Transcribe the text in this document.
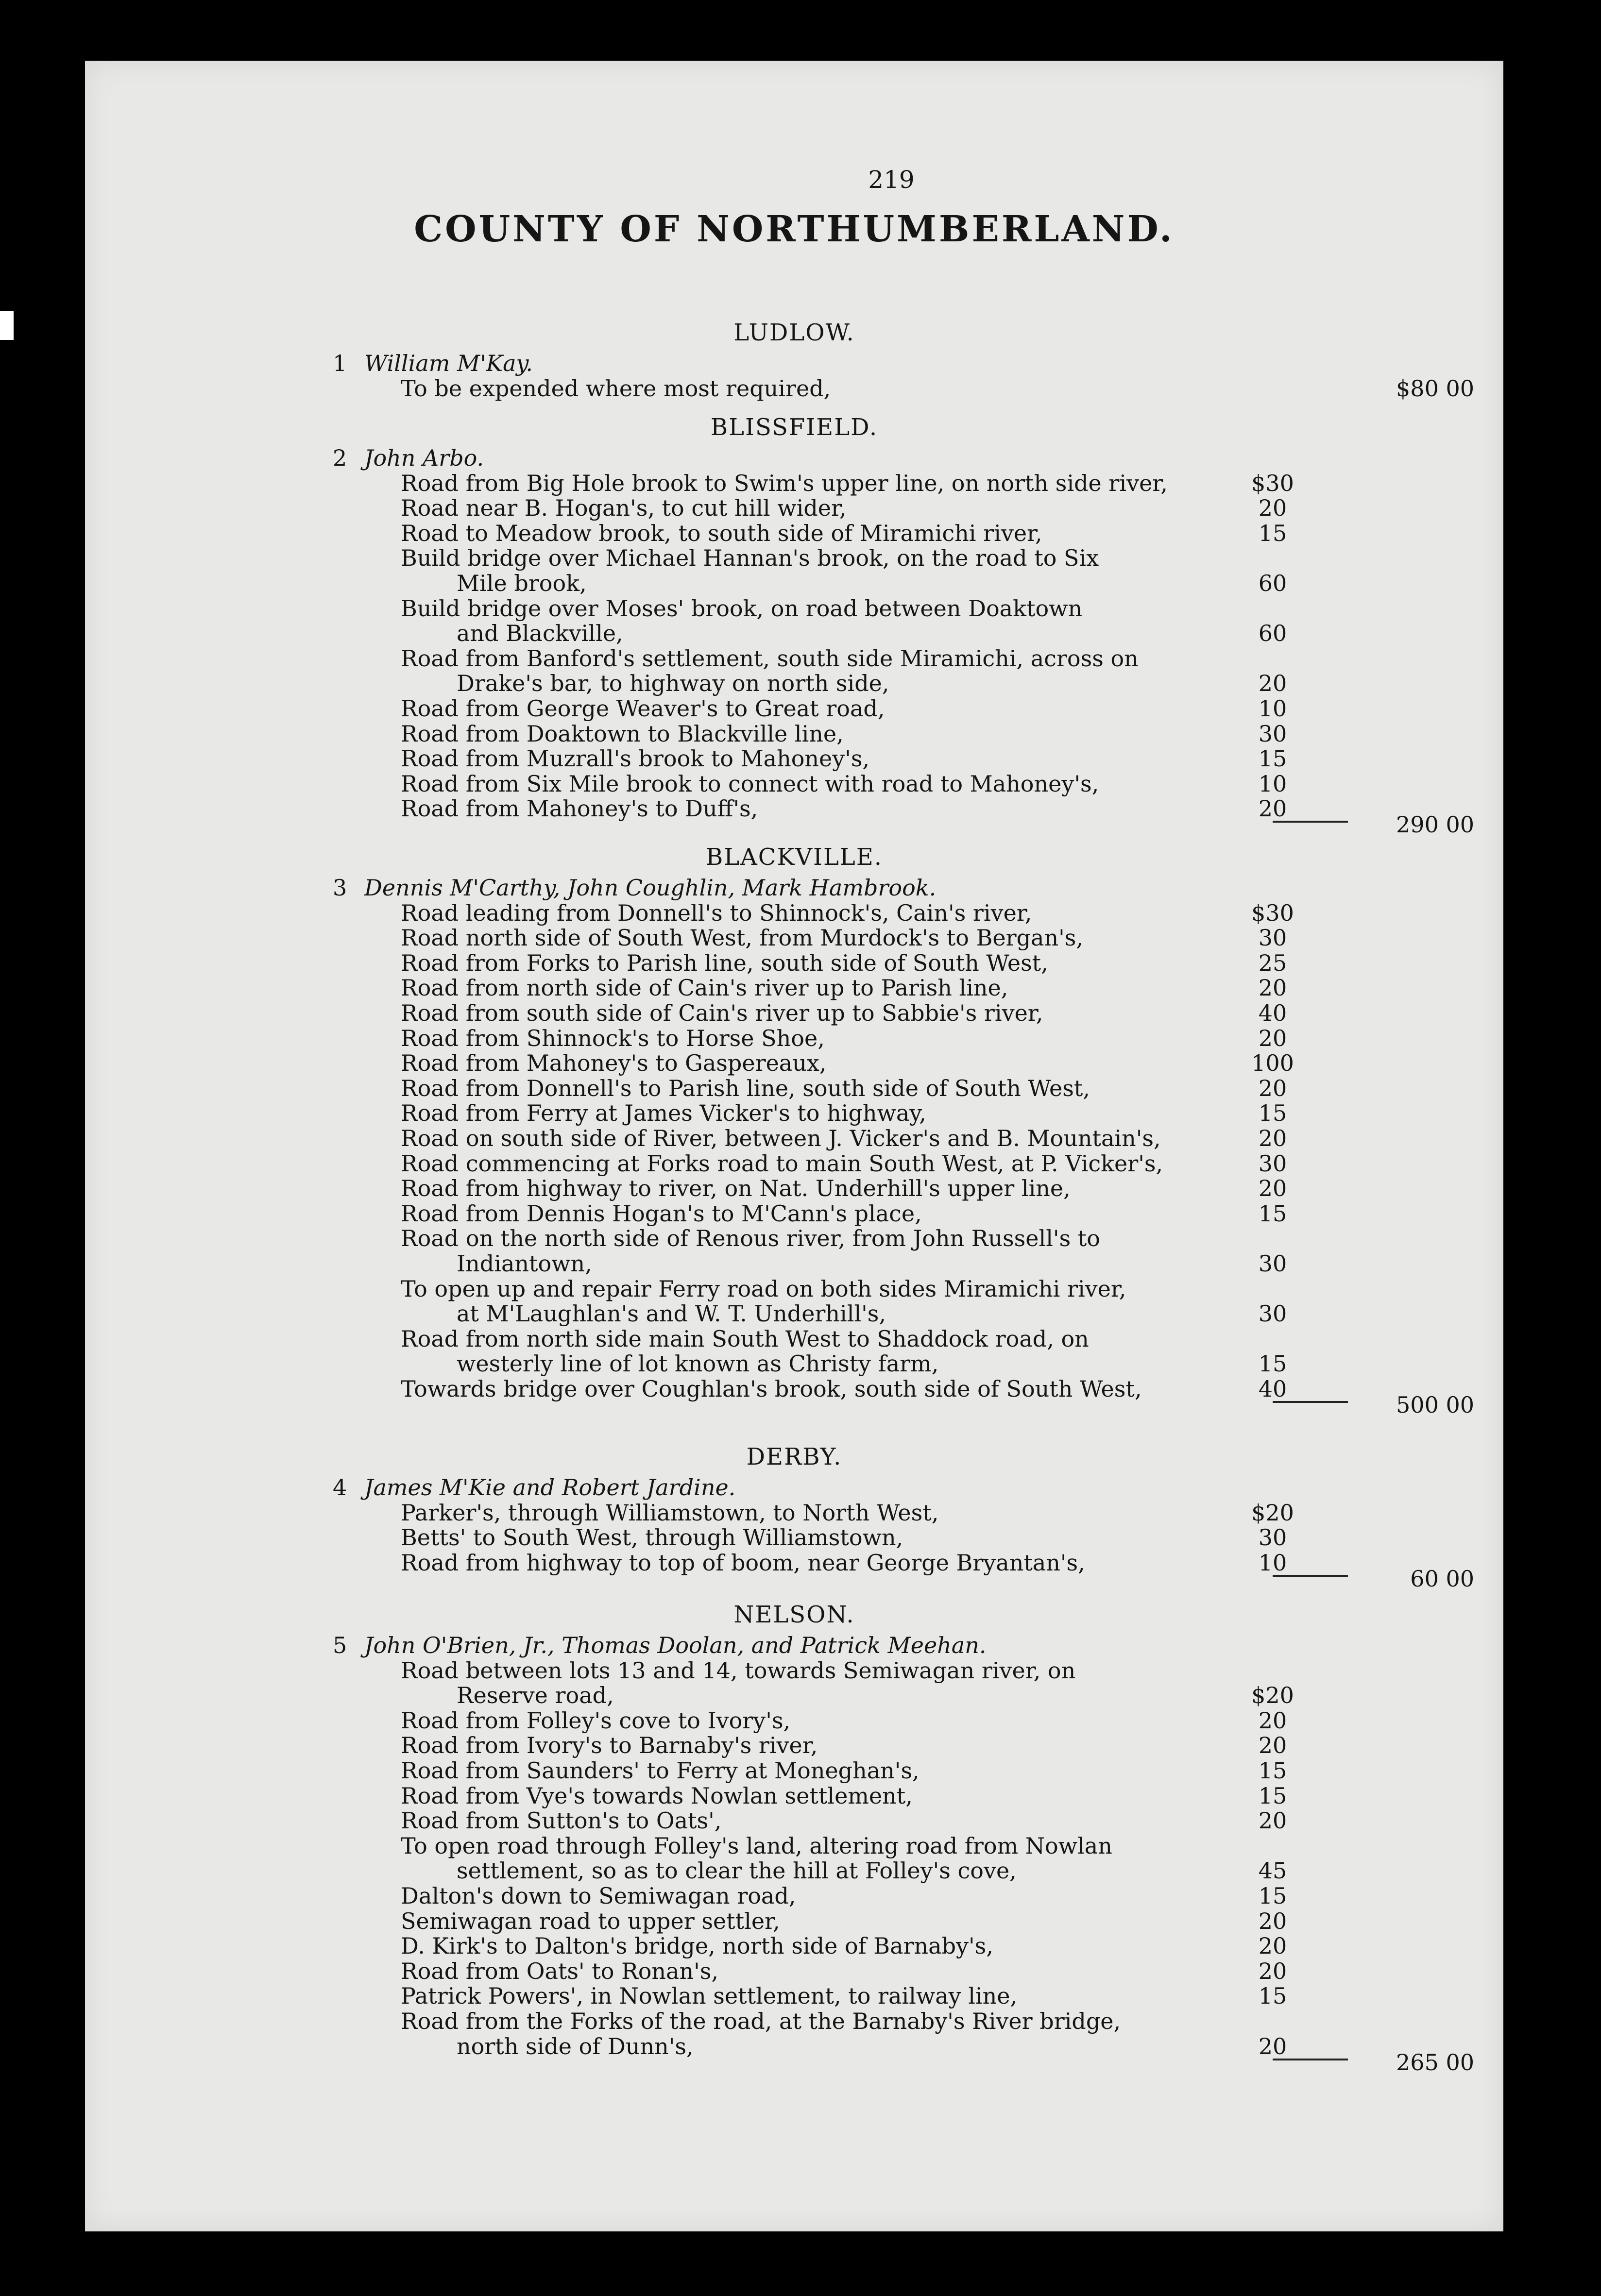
219
COUNTY OF NORTHUMBERLAND.
LUDLOW.
1 William M'Kay.
To be expended where most required,	$80 00
BLISSFIELD.
2 John Arbo.
Road from Big Hole brook to Swim's upper line, on north side river,	$30
Road near B. Hogan's, to cut hill wider,	20
Road to Meadow brook, to south side of Miramichi river,	15
Build bridge over Michael Hannan's brook, on the road to Six
Mile brook,	60
Build bridge over Moses' brook, on road between Doaktown
and Blackville,	60
Road from Banford's settlement, south side Miramichi, across on
Drake's bar, to highway on north side,	20
Road from George Weaver's to Great road,	10
Road from Doaktown to Blackville line,	30
Road from Muzrall's brook to Mahoney's,	15
Road from Six Mile brook to connect with road to Mahoney's,	10
Road from Mahoney's to Duff's,	20
290 00
BLACKVILLE.
3 Dennis M'Carthy, John Coughlin, Mark Hambrook.
Road leading from Donnell's to Shinnock's, Cain's river,	$30
Road north side of South West, from Murdock's to Bergan's,	30
Road from Forks to Parish line, south side of South West,	25
Road from north side of Cain's river up to Parish line,	20
Road from south side of Cain's river up to Sabbie's river,	40
Road from Shinnock's to Horse Shoe,	20
Road from Mahoney's to Gaspereaux,	100
Road from Donnell's to Parish line, south side of South West,	20
Road from Ferry at James Vicker's to highway,	15
Road on south side of River, between J. Vicker's and B. Mountain's,	20
Road commencing at Forks road to main South West, at P. Vicker's,	30
Road from highway to river, on Nat. Underhill's upper line,	20
Road from Dennis Hogan's to M'Cann's place,	15
Road on the north side of Renous river, from John Russell's to
Indiantown,	30
To open up and repair Ferry road on both sides Miramichi river,
at M'Laughlan's and W. T. Underhill's,	30
Road from north side main South West to Shaddock road, on
westerly line of lot known as Christy farm,	15
Towards bridge over Coughlan's brook, south side of South West,	40
500 00
DERBY.
4 James M'Kie and Robert Jardine.
Parker's, through Williamstown, to North West,	$20
Betts' to South West, through Williamstown,	30
Road from highway to top of boom, near George Bryantan's,	10
60 00
NELSON.
5 John O'Brien, Jr., Thomas Doolan, and Patrick Meehan.
Road between lots 13 and 14, towards Semiwagan river, on
Reserve road,	$20
Road from Folley's cove to Ivory's,	20
Road from Ivory's to Barnaby's river,	20
Road from Saunders' to Ferry at Moneghan's,	15
Road from Vye's towards Nowlan settlement,	15
Road from Sutton's to Oats',	20
To open road through Folley's land, altering road from Nowlan
settlement, so as to clear the hill at Folley's cove,	45
Dalton's down to Semiwagan road,	15
Semiwagan road to upper settler,	20
D. Kirk's to Dalton's bridge, north side of Barnaby's,	20
Road from Oats' to Ronan's,	20
Patrick Powers', in Nowlan settlement, to railway line,	15
Road from the Forks of the road, at the Barnaby's River bridge,
north side of Dunn's,	20
265 00
